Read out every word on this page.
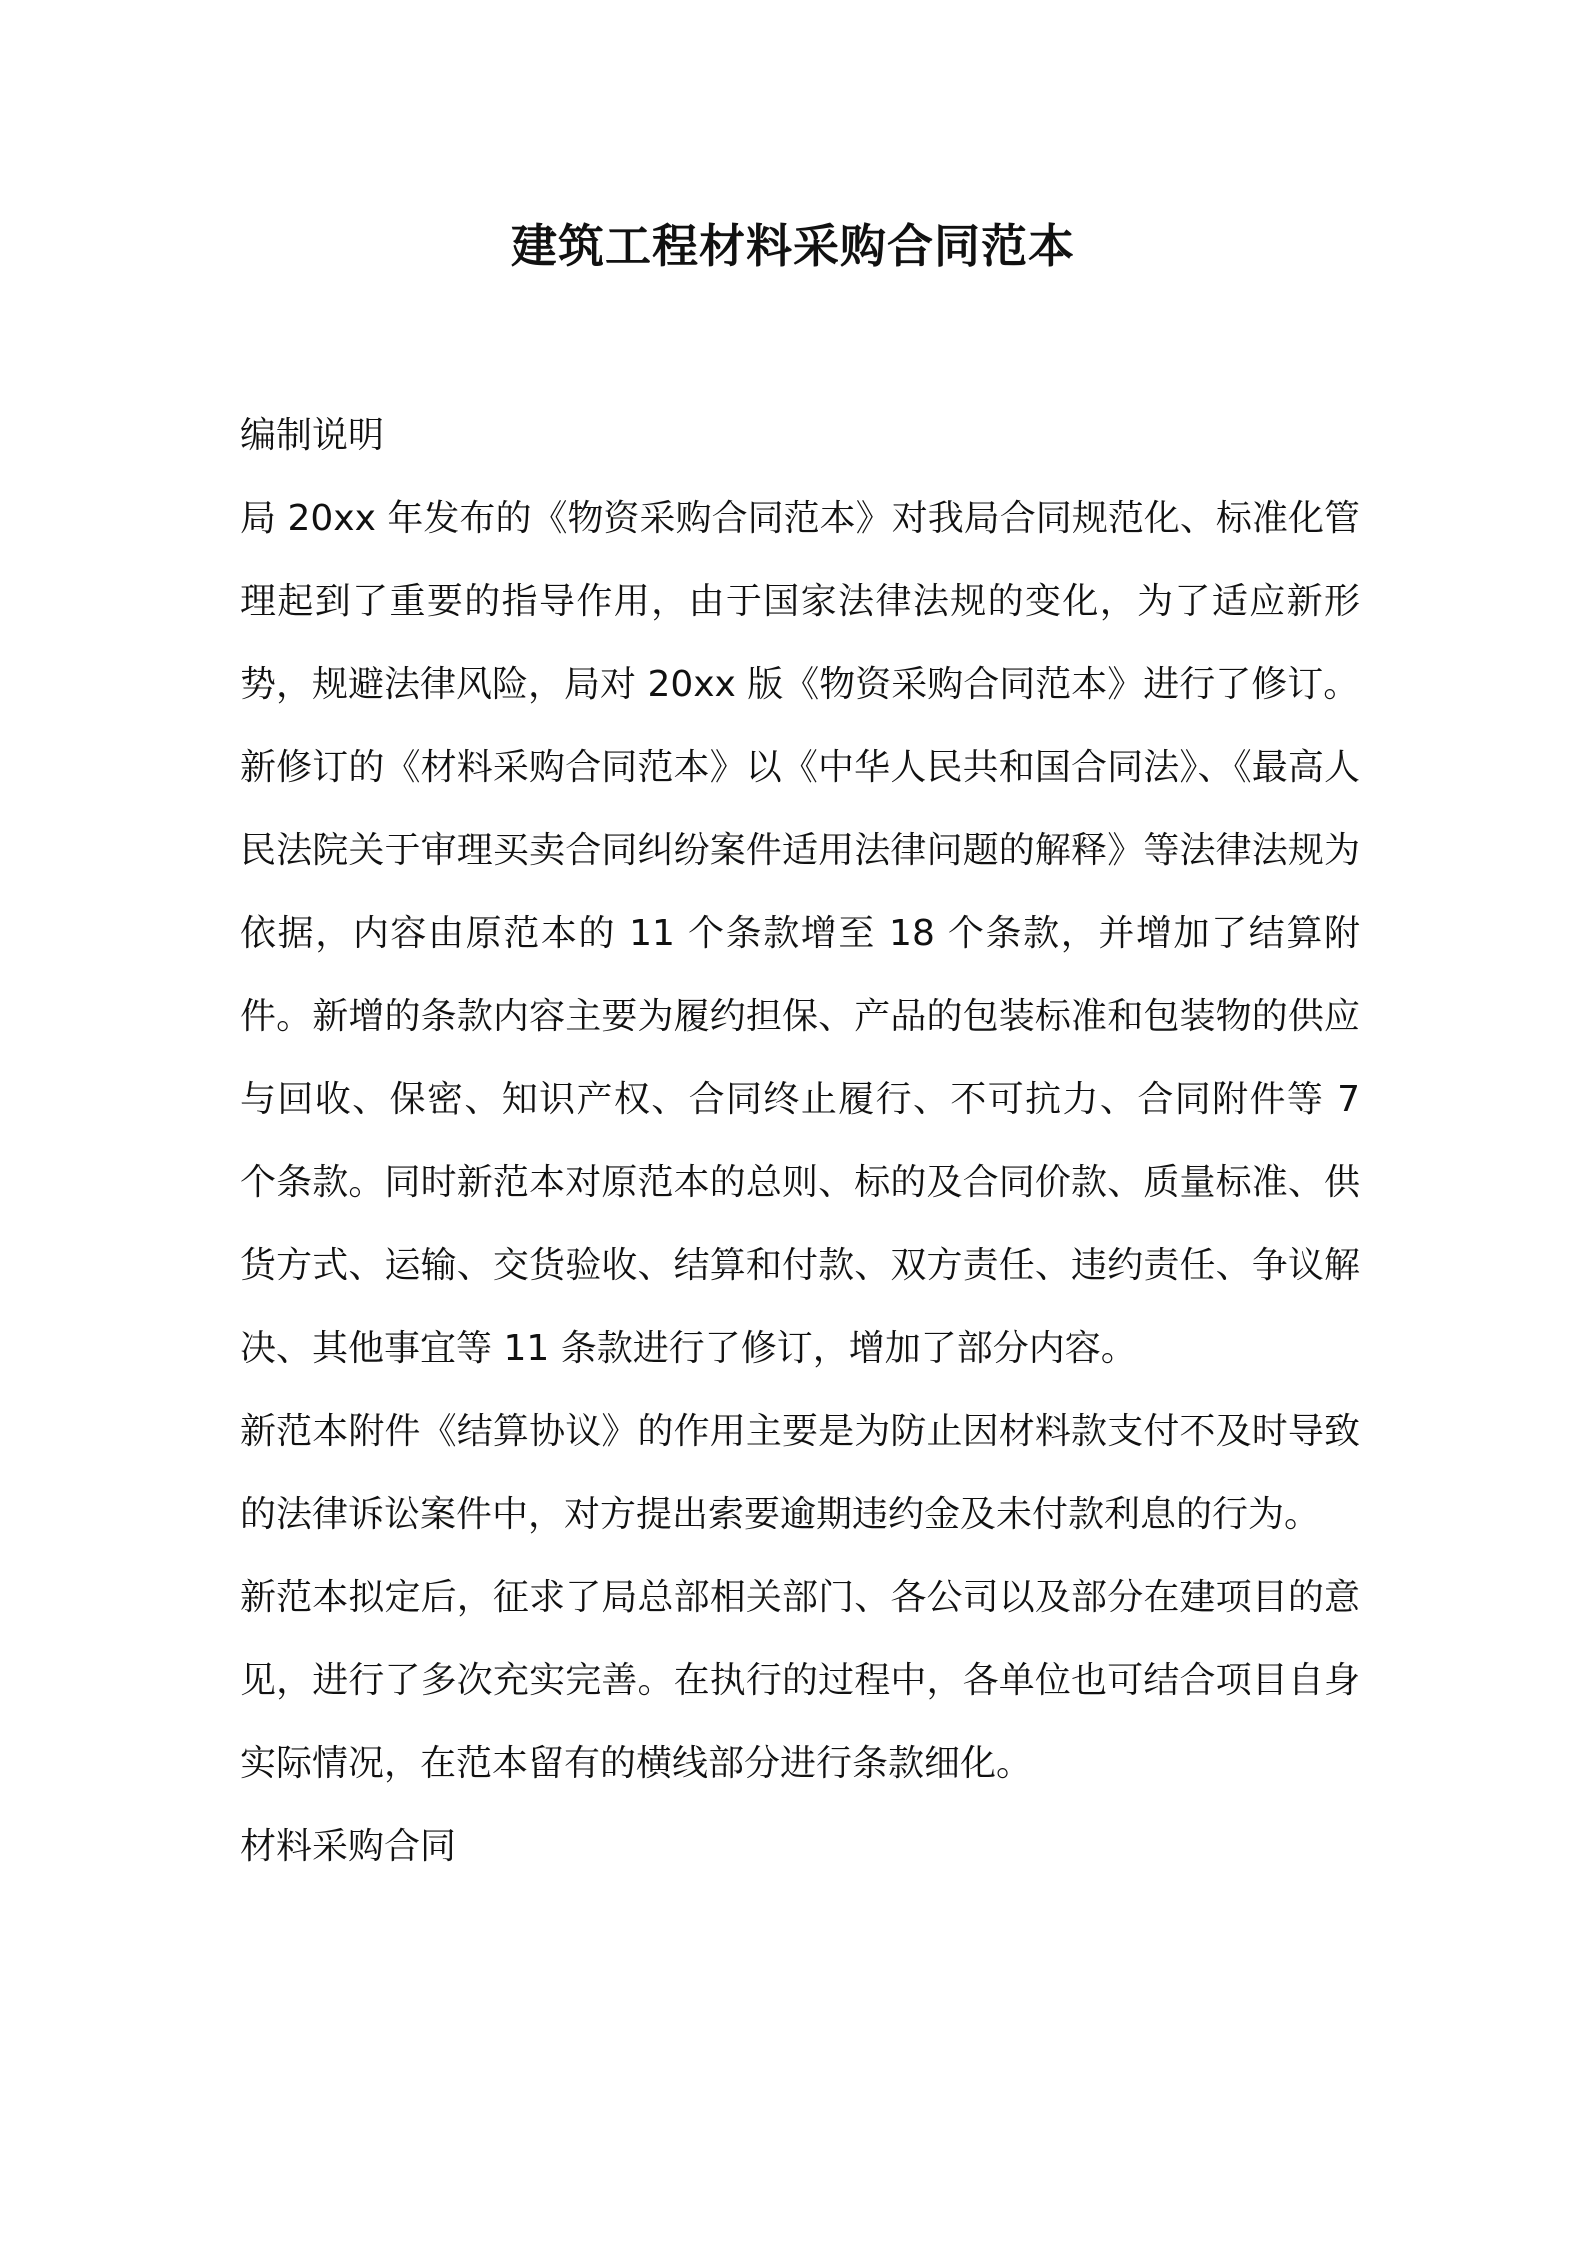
建筑工程材料采购合同范本
编制说明

局 20xx 年发布的《物资采购合同范本》对我局合同规范化、标准化管理起到了重要的指导作用，由于国家法律法规的变化，为了适应新形势，规避法律风险，局对 20xx 版《物资采购合同范本》进行了修订。

新修订的《材料采购合同范本》以《中华人民共和国合同法》、《最高人民法院关于审理买卖合同纠纷案件适用法律问题的解释》等法律法规为依据，内容由原范本的 11 个条款增至 18 个条款，并增加了结算附件。新增的条款内容主要为履约担保、产品的包装标准和包装物的供应与回收、保密、知识产权、合同终止履行、不可抗力、合同附件等 7 个条款。同时新范本对原范本的总则、标的及合同价款、质量标准、供货方式、运输、交货验收、结算和付款、双方责任、违约责任、争议解决、其他事宜等 11 条款进行了修订，增加了部分内容。

新范本附件《结算协议》的作用主要是为防止因材料款支付不及时导致的法律诉讼案件中，对方提出索要逾期违约金及未付款利息的行为。

新范本拟定后，征求了局总部相关部门、各公司以及部分在建项目的意见，进行了多次充实完善。在执行的过程中，各单位也可结合项目自身实际情况，在范本留有的横线部分进行条款细化。

材料采购合同
